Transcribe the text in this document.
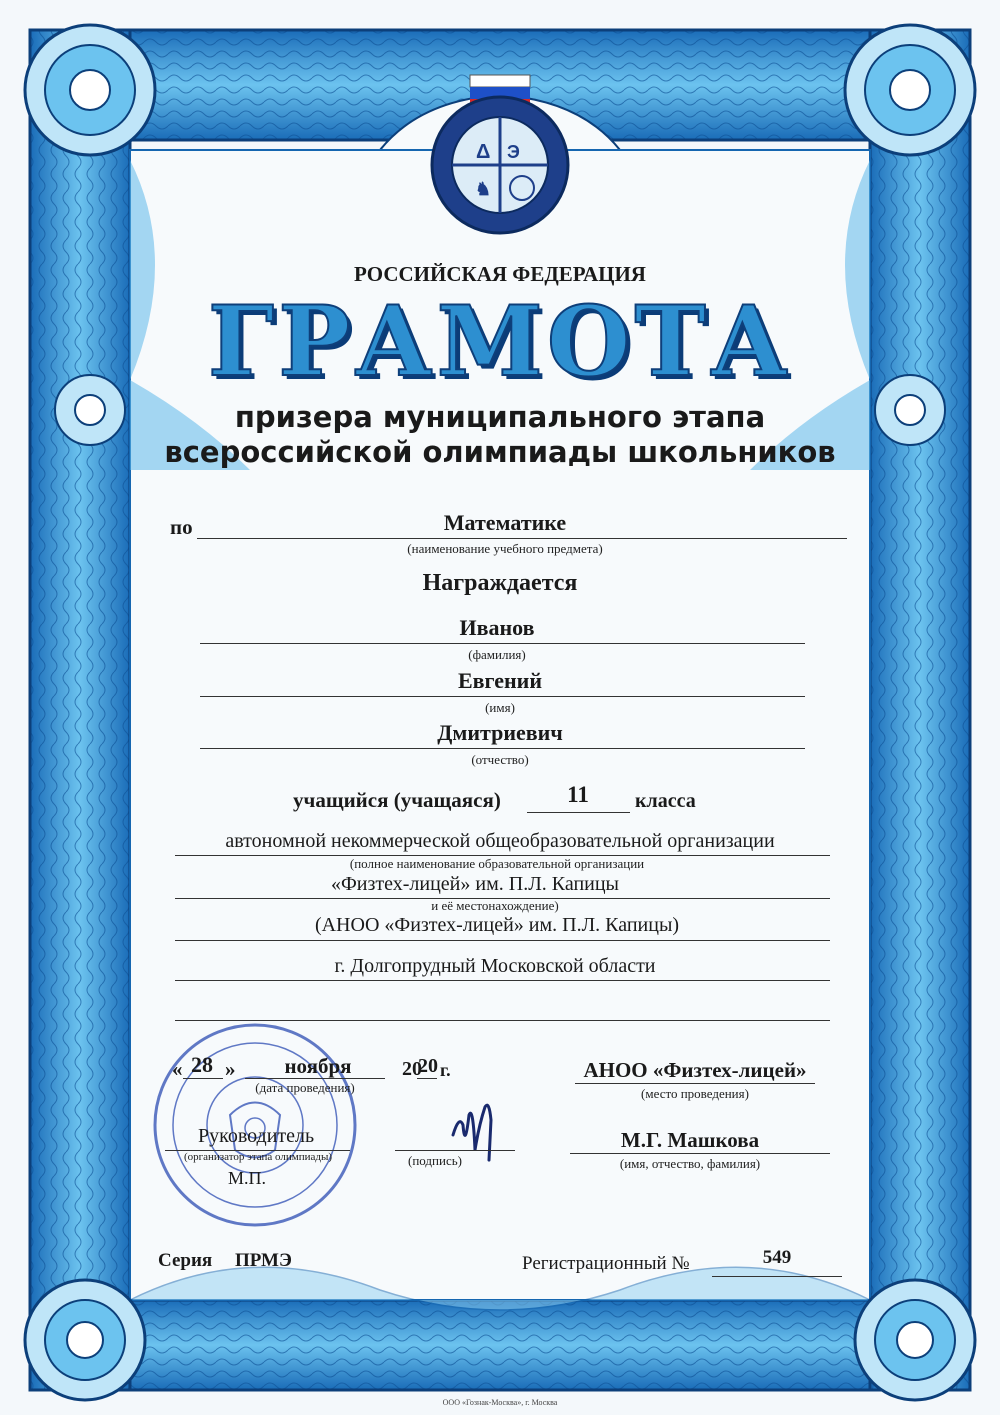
Δ Э
♞
РОССИЙСКАЯ ФЕДЕРАЦИЯ
ГРАМОТА
призера муниципального этапа
всероссийской олимпиады школьников
по	Математике
(наименование учебного предмета)
Награждается
Иванов
(фамилия)
Евгений
(имя)
Дмитриевич
(отчество)
учащийся (учащаяся)	11 класса
автономной некоммерческой общеобразовательной организации
(полное наименование образовательной организации
«Физтех-лицей» им. П.Л. Капицы
и её местонахождение)
(АНОО «Физтех-лицей» им. П.Л. Капицы)
г. Долгопрудный Московской области
« 28 » ноября	20
20 г.
(дата проведения)
АНОО «Физтех-лицей»
(место проведения)
Руководитель
(организатор этапа олимпиады)
М.П.
(подпись)
М.Г. Машкова
(имя, отчество, фамилия)
Серия ПРМЭ	Регистрационный №	549
ООО «Гознак-Москва», г. Москва
